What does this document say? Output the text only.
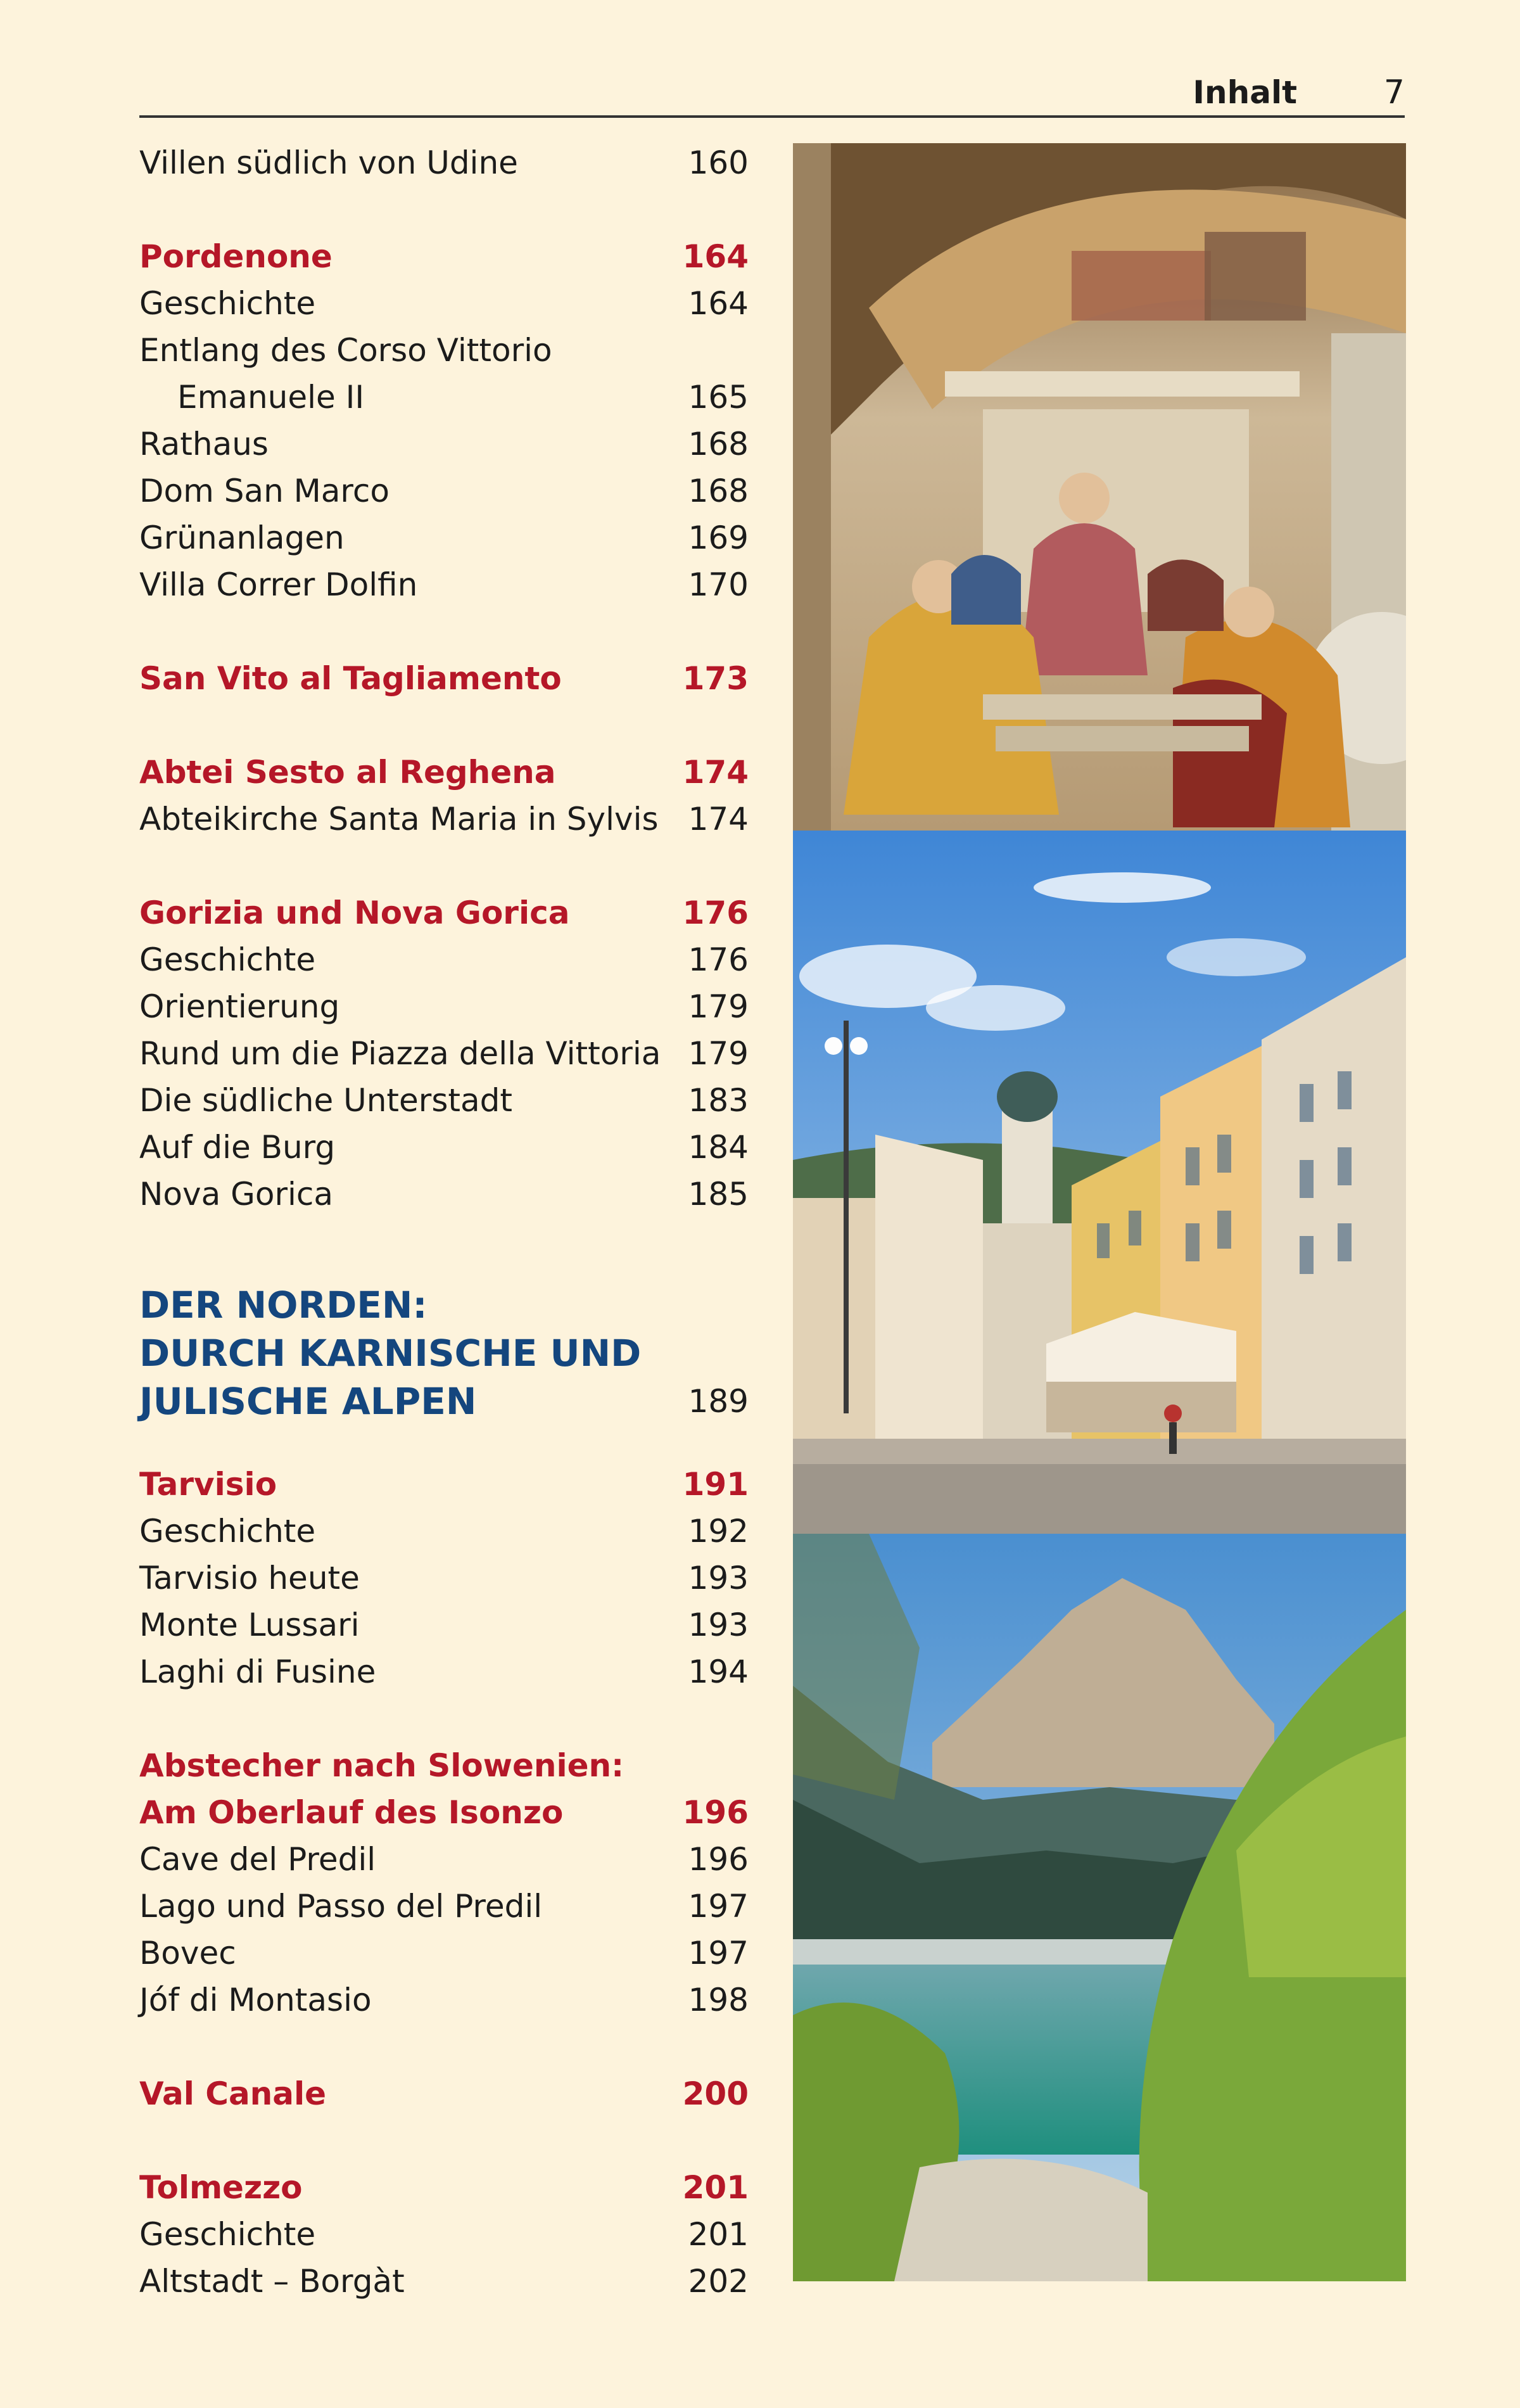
Inhalt	7
Villen südlich von Udine	160
Pordenone	164
Geschichte	164
Entlang des Corso Vittorio
Emanuele II	165
Rathaus	168
Dom San Marco	168
Grünanlagen	169
Villa Correr Dolfin	170
San Vito al Tagliamento	173
Abtei Sesto al Reghena	174
Abteikirche Santa Maria in Sylvis 174
Gorizia und Nova Gorica	176
Geschichte	176
Orientierung	179
Rund um die Piazza della Vittoria 179
Die südliche Unterstadt	183
Auf die Burg	184
Nova Gorica	185
DER NORDEN:
DURCH KARNISCHE UND
JULISCHE ALPEN	189
Tarvisio	191
Geschichte	192
Tarvisio heute	193
Monte Lussari	193
Laghi di Fusine	194
Abstecher nach Slowenien:
Am Oberlauf des Isonzo	196
Cave del Predil	196
Lago und Passo del Predil	197
Bovec	197
Jóf di Montasio	198
Val Canale	200
Tolmezzo	201
Geschichte	201
Altstadt – Borgàt	202
